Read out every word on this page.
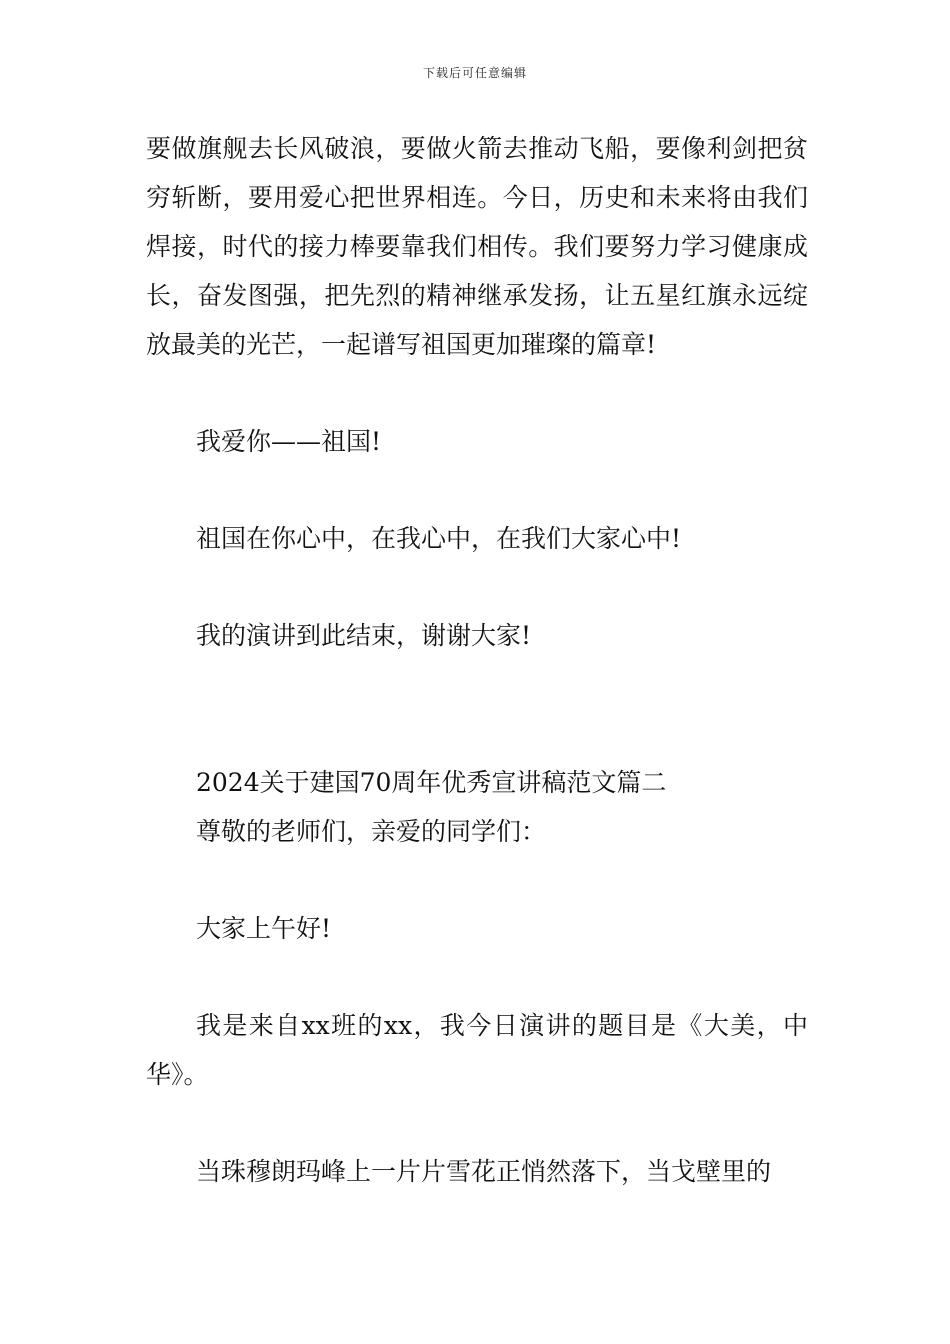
下载后可任意编辑

要做旗舰去长风破浪，要做火箭去推动飞船，要像利剑把贫穷斩断，要用爱心把世界相连。今日，历史和未来将由我们焊接，时代的接力棒要靠我们相传。我们要努力学习健康成长，奋发图强，把先烈的精神继承发扬，让五星红旗永远绽放最美的光芒，一起谱写祖国更加璀璨的篇章!

我爱你——祖国!

祖国在你心中，在我心中，在我们大家心中!

我的演讲到此结束，谢谢大家!

2024关于建国70周年优秀宣讲稿范文篇二

尊敬的老师们，亲爱的同学们：

大家上午好!

我是来自xx班的xx，我今日演讲的题目是《大美，中华》。

当珠穆朗玛峰上一片片雪花正悄然落下，当戈壁里的
